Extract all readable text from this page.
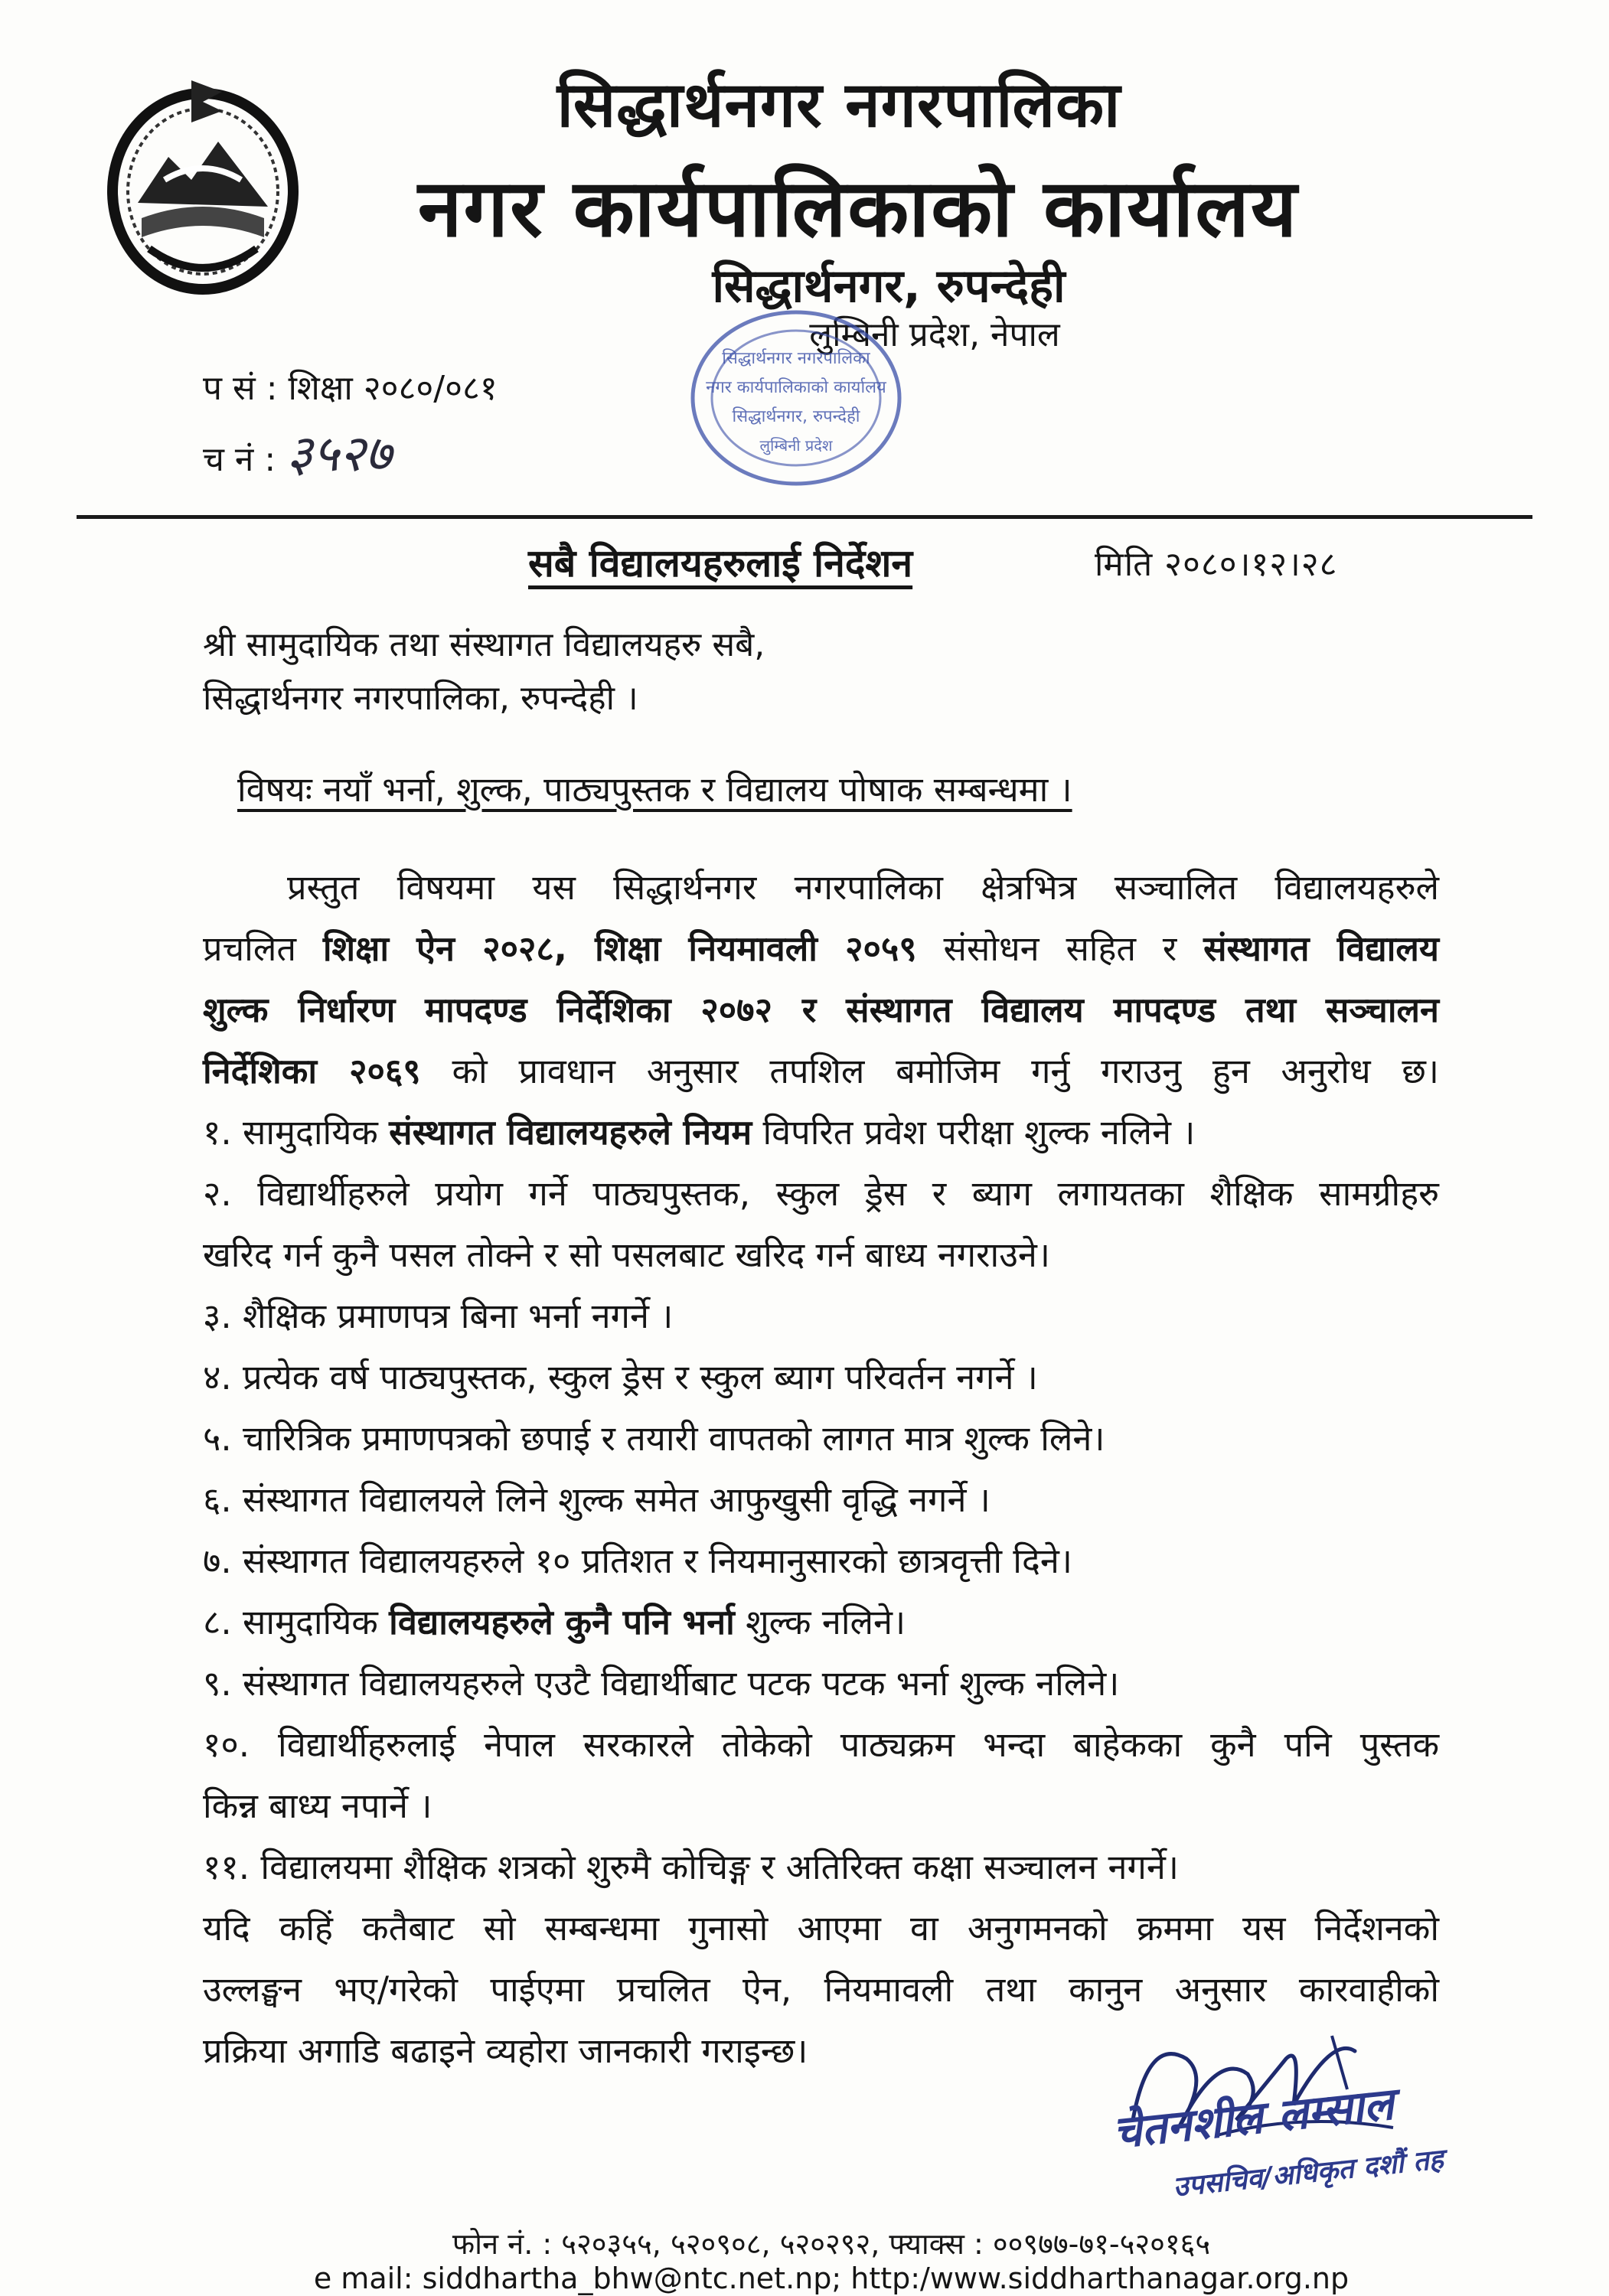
सिद्धार्थनगर नगरपालिका
नगर कार्यपालिकाको कार्यालय
सिद्धार्थनगर, रुपन्देही
लुम्बिनी प्रदेश, नेपाल
सिद्धार्थनगर नगरपालिका
नगर कार्यपालिकाको कार्यालय
सिद्धार्थनगर, रुपन्देही
लुम्बिनी प्रदेश
प सं : शिक्षा २०८०/०८१
च नं : ३५२७
सबै विद्यालयहरुलाई निर्देशन	मिति २०८०।१२।२८
श्री सामुदायिक तथा संस्थागत विद्यालयहरु सबै,
सिद्धार्थनगर नगरपालिका, रुपन्देही ।
विषयः नयाँ भर्ना, शुल्क, पाठ्यपुस्तक र विद्यालय पोषाक सम्बन्धमा ।
प्रस्तुत विषयमा यस सिद्धार्थनगर नगरपालिका क्षेत्रभित्र सञ्चालित विद्यालयहरुले
प्रचलित शिक्षा ऐन २०२८, शिक्षा नियमावली २०५९ संसोधन सहित र संस्थागत विद्यालय
शुल्क निर्धारण मापदण्ड निर्देशिका २०७२ र संस्थागत विद्यालय मापदण्ड तथा सञ्चालन
निर्देशिका २०६९ को प्रावधान अनुसार तपशिल बमोजिम गर्नु गराउनु हुन अनुरोध छ।
१. सामुदायिक संस्थागत विद्यालयहरुले नियम विपरित प्रवेश परीक्षा शुल्क नलिने ।
२. विद्यार्थीहरुले प्रयोग गर्ने पाठ्यपुस्तक, स्कुल ड्रेस र ब्याग लगायतका शैक्षिक सामग्रीहरु
खरिद गर्न कुनै पसल तोक्ने र सो पसलबाट खरिद गर्न बाध्य नगराउने।
३. शैक्षिक प्रमाणपत्र बिना भर्ना नगर्ने ।
४. प्रत्येक वर्ष पाठ्यपुस्तक, स्कुल ड्रेस र स्कुल ब्याग परिवर्तन नगर्ने ।
५. चारित्रिक प्रमाणपत्रको छपाई र तयारी वापतको लागत मात्र शुल्क लिने।
६. संस्थागत विद्यालयले लिने शुल्क समेत आफुखुसी वृद्धि नगर्ने ।
७. संस्थागत विद्यालयहरुले १० प्रतिशत र नियमानुसारको छात्रवृत्ती दिने।
८. सामुदायिक विद्यालयहरुले कुनै पनि भर्ना शुल्क नलिने।
९. संस्थागत विद्यालयहरुले एउटै विद्यार्थीबाट पटक पटक भर्ना शुल्क नलिने।
१०. विद्यार्थीहरुलाई नेपाल सरकारले तोकेको पाठ्यक्रम भन्दा बाहेकका कुनै पनि पुस्तक
किन्न बाध्य नपार्ने ।
११. विद्यालयमा शैक्षिक शत्रको शुरुमै कोचिङ्ग र अतिरिक्त कक्षा सञ्चालन नगर्ने।
यदि कहिं कतैबाट सो सम्बन्धमा गुनासो आएमा वा अनुगमनको क्रममा यस निर्देशनको
उल्लङ्घन भए/गरेको पाईएमा प्रचलित ऐन, नियमावली तथा कानुन अनुसार कारवाहीको
प्रक्रिया अगाडि बढाइने व्यहोरा जानकारी गराइन्छ।
चेतनशील लम्साल
उपसचिव/अधिकृत दशौं तह
फोन नं. : ५२०३५५, ५२०९०८, ५२०२९२, फ्याक्स : ००९७७-७१-५२०१६५
e mail: siddhartha_bhw@ntc.net.np; http:/www.siddharthanagar.org.np
